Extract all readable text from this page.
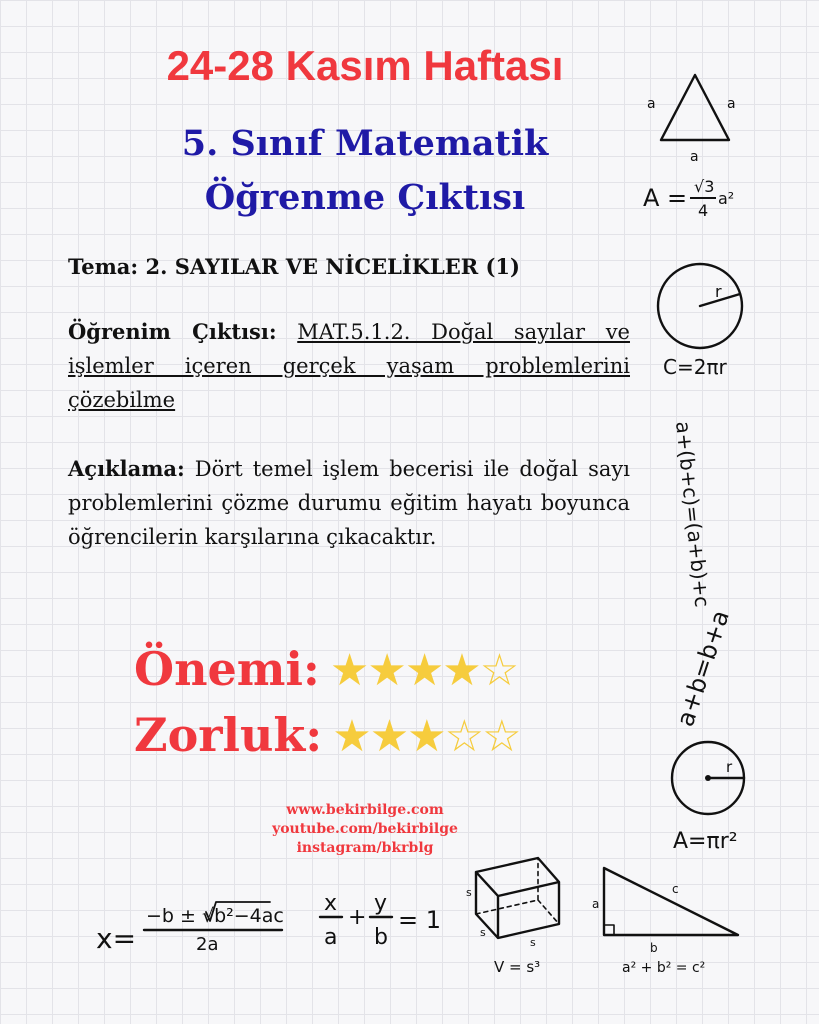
24-28 Kasım Haftası
5. Sınıf Matematik
Öğrenme Çıktısı
Tema: 2. SAYILAR VE NİCELİKLER (1)
Öğrenim Çıktısı: MAT.5.1.2. Doğal sayılar ve işlemler içeren gerçek yaşam problemlerini çözebilme
Açıklama: Dört temel işlem becerisi ile doğal sayı problemlerini çözme durumu eğitim hayatı boyunca öğrencilerin karşılarına çıkacaktır.
Önemi: ★★★★☆
Zorluk: ★★★☆☆
www.bekirbilge.com
youtube.com/bekirbilge
instagram/bkrblg
a	a
a
A = √3
4
a²
r
C=2πr
a+(b+c)=(a+b)+c
a+b=b+a
r
A=πr²
x=
−b ± √b²−4ac
2a
x
a
+
y
b
= 1
s
s
s
V = s³
a
b
c
a² + b² = c²
